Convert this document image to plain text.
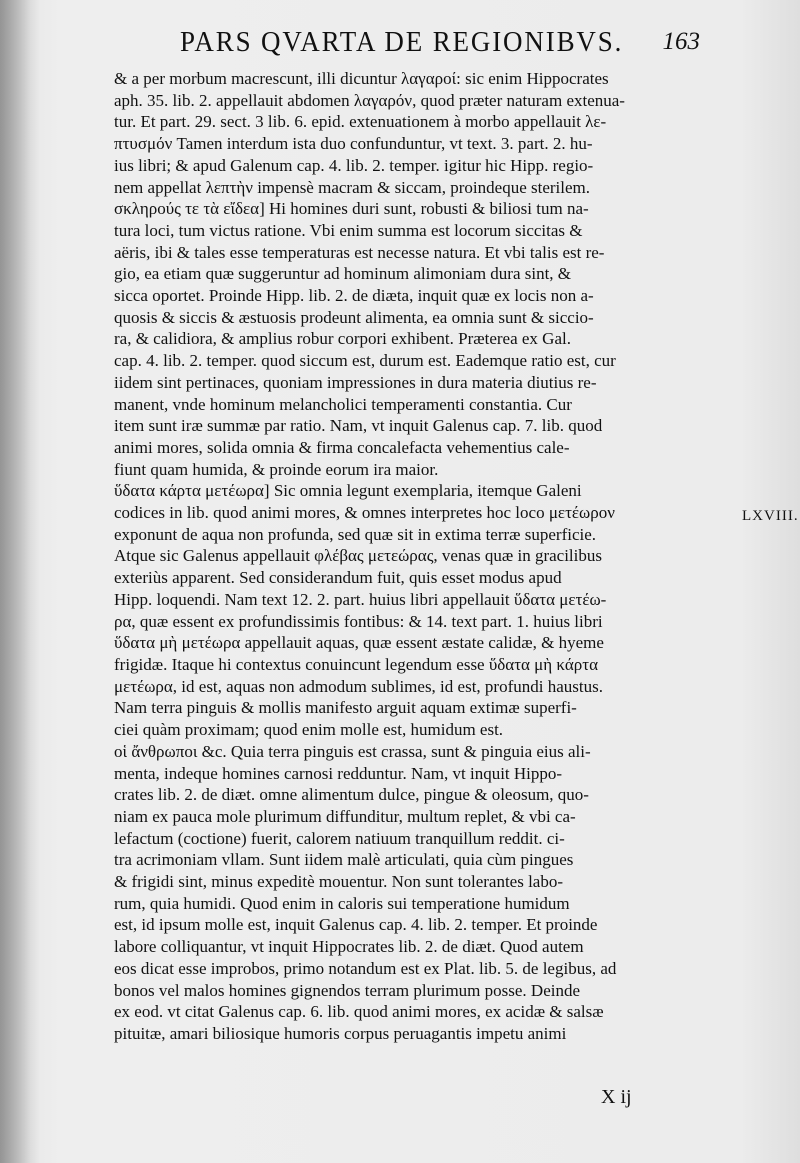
PARS QVARTA DE REGIONIBVS. 163
& a per morbum macrescunt, illi dicuntur λαγαροί: sic enim Hippocrates
aph. 35. lib. 2. appellauit abdomen λαγαρόν, quod præter naturam extenua-
tur. Et part. 29. sect. 3 lib. 6. epid. extenuationem à morbo appellauit λε-
πτυσμόν Tamen interdum ista duo confunduntur, vt text. 3. part. 2. hu-
ius libri; & apud Galenum cap. 4. lib. 2. temper. igitur hic Hipp. regio-
nem appellat λεπτὴν impensè macram & siccam, proindeque sterilem.
σκληρούς τε τὰ εἴδεα] Hi homines duri sunt, robusti & biliosi tum na-
tura loci, tum victus ratione. Vbi enim summa est locorum siccitas &
aëris, ibi & tales esse temperaturas est necesse natura. Et vbi talis est re-
gio, ea etiam quæ suggeruntur ad hominum alimoniam dura sint, &
sicca oportet. Proinde Hipp. lib. 2. de diæta, inquit quæ ex locis non a-
quosis & siccis & æstuosis prodeunt alimenta, ea omnia sunt & siccio-
ra, & calidiora, & amplius robur corpori exhibent. Præterea ex Gal.
cap. 4. lib. 2. temper. quod siccum est, durum est. Eademque ratio est, cur
iidem sint pertinaces, quoniam impressiones in dura materia diutius re-
manent, vnde hominum melancholici temperamenti constantia. Cur
item sunt iræ summæ par ratio. Nam, vt inquit Galenus cap. 7. lib. quod
animi mores, solida omnia & firma concalefacta vehementius cale-
fiunt quam humida, & proinde eorum ira maior.
ὕδατα κάρτα μετέωρα] Sic omnia legunt exemplaria, itemque Galeni
codices in lib. quod animi mores, & omnes interpretes hoc loco μετέωρον
exponunt de aqua non profunda, sed quæ sit in extima terræ superficie.
Atque sic Galenus appellauit φλέβας μετεώρας, venas quæ in gracilibus
exteriùs apparent. Sed considerandum fuit, quis esset modus apud
Hipp. loquendi. Nam text 12. 2. part. huius libri appellauit ὕδατα μετέω-
ρα, quæ essent ex profundissimis fontibus: & 14. text part. 1. huius libri
ὕδατα μὴ μετέωρα appellauit aquas, quæ essent æstate calidæ, & hyeme
frigidæ. Itaque hi contextus conuincunt legendum esse ὕδατα μὴ κάρτα
μετέωρα, id est, aquas non admodum sublimes, id est, profundi haustus.
Nam terra pinguis & mollis manifesto arguit aquam extimæ superfi-
ciei quàm proximam; quod enim molle est, humidum est.
οἱ ἄνθρωποι &c. Quia terra pinguis est crassa, sunt & pinguia eius ali-
menta, indeque homines carnosi redduntur. Nam, vt inquit Hippo-
crates lib. 2. de diæt. omne alimentum dulce, pingue & oleosum, quo-
niam ex pauca mole plurimum diffunditur, multum replet, & vbi ca-
lefactum (coctione) fuerit, calorem natiuum tranquillum reddit. ci-
tra acrimoniam vllam. Sunt iidem malè articulati, quia cùm pingues
& frigidi sint, minus expeditè mouentur. Non sunt tolerantes labo-
rum, quia humidi. Quod enim in caloris sui temperatione humidum
est, id ipsum molle est, inquit Galenus cap. 4. lib. 2. temper. Et proinde
labore colliquantur, vt inquit Hippocrates lib. 2. de diæt. Quod autem
eos dicat esse improbos, primo notandum est ex Plat. lib. 5. de legibus, ad
bonos vel malos homines gignendos terram plurimum posse. Deinde
ex eod. vt citat Galenus cap. 6. lib. quod animi mores, ex acidæ & salsæ
pituitæ, amari biliosique humoris corpus peruagantis impetu animi
LXVIII.
X ij
